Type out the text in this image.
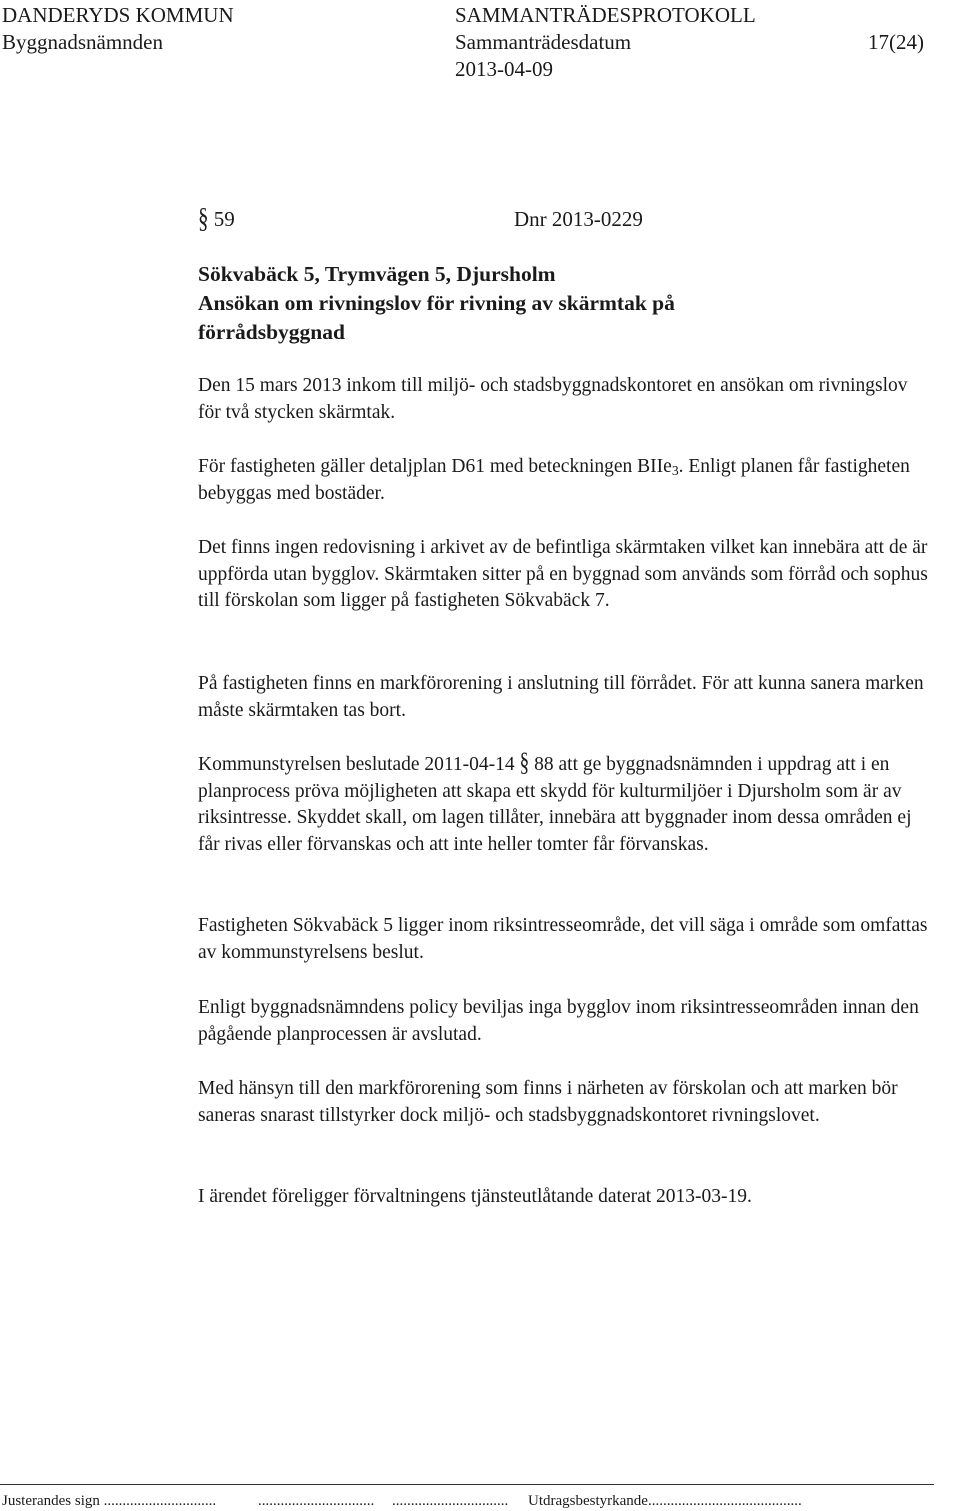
DANDERYDS KOMMUN	SAMMANTRÄDESPROTOKOLL
Byggnadsnämnden	Sammanträdesdatum	17(24)
2013-04-09
§ 59	Dnr 2013-0229
Sökvabäck 5, Trymvägen 5, Djursholm
Ansökan om rivningslov för rivning av skärmtak på
förrådsbyggnad

Den 15 mars 2013 inkom till miljö- och stadsbyggnadskontoret en ansökan om rivningslov för två stycken skärmtak.

För fastigheten gäller detaljplan D61 med beteckningen BIIe$_3$. Enligt planen får fastigheten bebyggas med bostäder.

Det finns ingen redovisning i arkivet av de befintliga skärmtaken vilket kan innebära att de är uppförda utan bygglov. Skärmtaken sitter på en byggnad som används som förråd och sophus till förskolan som ligger på fastigheten Sökvabäck 7.

På fastigheten finns en markförorening i anslutning till förrådet. För att kunna sanera marken måste skärmtaken tas bort.

Kommunstyrelsen beslutade 2011-04-14 § 88 att ge byggnadsnämnden i uppdrag att i en planprocess pröva möjligheten att skapa ett skydd för kulturmiljöer i Djursholm som är av riksintresse. Skyddet skall, om lagen tillåter, innebära att byggnader inom dessa områden ej får rivas eller förvanskas och att inte heller tomter får förvanskas.

Fastigheten Sökvabäck 5 ligger inom riksintresseområde, det vill säga i område som omfattas av kommunstyrelsens beslut.

Enligt byggnadsnämndens policy beviljas inga bygglov inom riksintresseområden innan den pågående planprocessen är avslutad.

Med hänsyn till den markförorening som finns i närheten av förskolan och att marken bör saneras snarast tillstyrker dock miljö- och stadsbyggnadskontoret rivningslovet.

I ärendet föreligger förvaltningens tjänsteutlåtande daterat 2013-03-19.

Justerandes sign ..............................	............................... ............................... Utdragsbestyrkande.........................................
